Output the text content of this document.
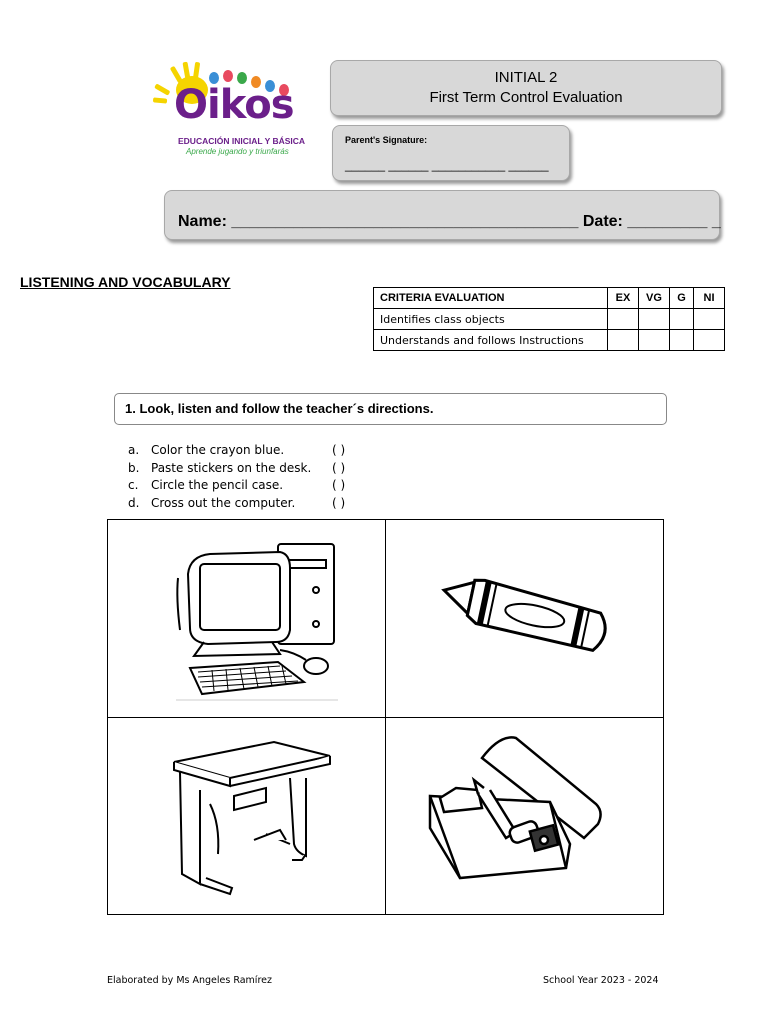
Oikos
EDUCACIÓN INICIAL Y BÁSICA
Aprende jugando y triunfarás
INITIAL 2
First Term Control Evaluation
Parent's Signature:
______ ______ ___________ ______
Name: _______________________________________ Date: _________ _
LISTENING AND VOCABULARY
CRITERIA EVALUATION	EX	VG	G	NI
Identifies class objects				
Understands and follows Instructions				
1. Look, listen and follow the teacher´s directions.
a. Color the crayon blue.	( )
b. Paste stickers on the desk. ( )
c. Circle the pencil case.	( )
d. Cross out the computer.	( )
Elaborated by Ms Angeles Ramírez	School Year 2023 - 2024
